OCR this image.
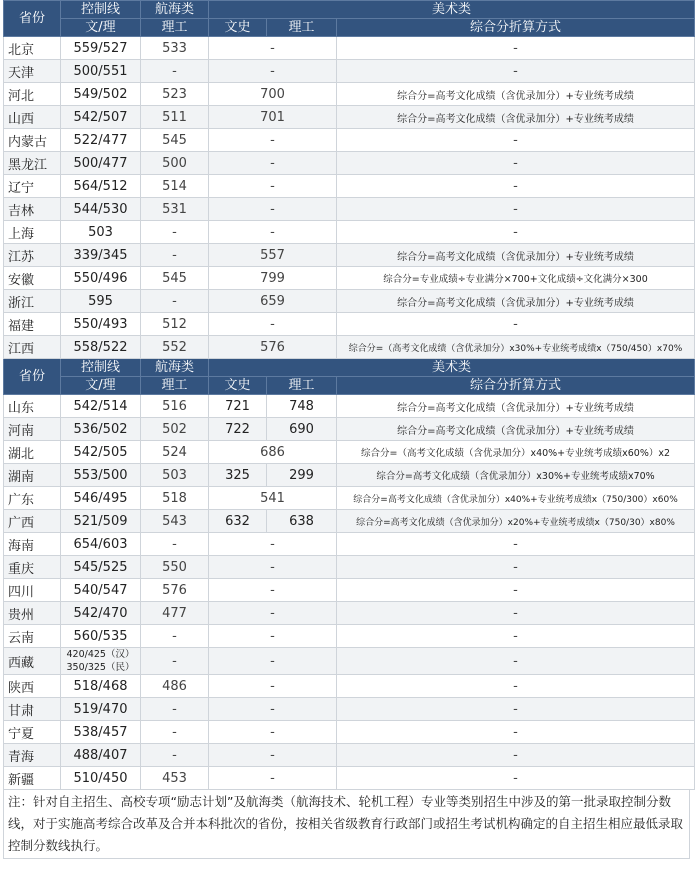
省份	控制线	航海类	美术类		
	文/理	理工	文史	理工	综合分折算方式
北京	559/527	533	-		-
天津	500/551	-	-		-
河北	549/502	523	700		综合分=高考文化成绩（含优录加分）+专业统考成绩
山西	542/507	511	701		综合分=高考文化成绩（含优录加分）+专业统考成绩
内蒙古	522/477	545	-		-
黑龙江	500/477	500	-		-
辽宁	564/512	514	-		-
吉林	544/530	531	-		-
上海	503	-	-		-
江苏	339/345	-	557		综合分=高考文化成绩（含优录加分）+专业统考成绩
安徽	550/496	545	799		综合分=专业成绩÷专业满分×700+文化成绩÷文化满分×300
浙江	595	-	659		综合分=高考文化成绩（含优录加分）+专业统考成绩
福建	550/493	512	-		-
江西	558/522	552	576		综合分=（高考文化成绩（含优录加分）x30%+专业统考成绩x（750/450）x70%
省份	控制线	航海类	美术类		
	文/理	理工	文史	理工	综合分折算方式
山东	542/514	516	721	748	综合分=高考文化成绩（含优录加分）+专业统考成绩
河南	536/502	502	722	690	综合分=高考文化成绩（含优录加分）+专业统考成绩
湖北	542/505	524	686		综合分=（高考文化成绩（含优录加分）x40%+专业统考成绩x60%）x2
湖南	553/500	503	325	299	综合分=高考文化成绩（含优录加分）x30%+专业统考成绩x70%
广东	546/495	518	541		综合分=高考文化成绩（含优录加分）x40%+专业统考成绩x（750/300）x60%
广西	521/509	543	632	638	综合分=高考文化成绩（含优录加分）x20%+专业统考成绩x（750/30）x80%
海南	654/603	-	-		-
重庆	545/525	550	-		-
四川	540/547	576	-		-
贵州	542/470	477	-		-
云南	560/535	-	-		-
西藏	420/425（汉）
350/325（民）	-	-		-
陕西	518/468	486	-		-
甘肃	519/470	-	-		-
宁夏	538/457	-	-		-
青海	488/407	-	-		-
新疆	510/450	453	-		-
注：针对自主招生、高校专项“励志计划”及航海类（航海技术、轮机工程）专业等类别招生中涉及的第一批录取控制分数线，对于实施高考综合改革及合并本科批次的省份，按相关省级教育行政部门或招生考试机构确定的自主招生相应最低录取控制分数线执行。
